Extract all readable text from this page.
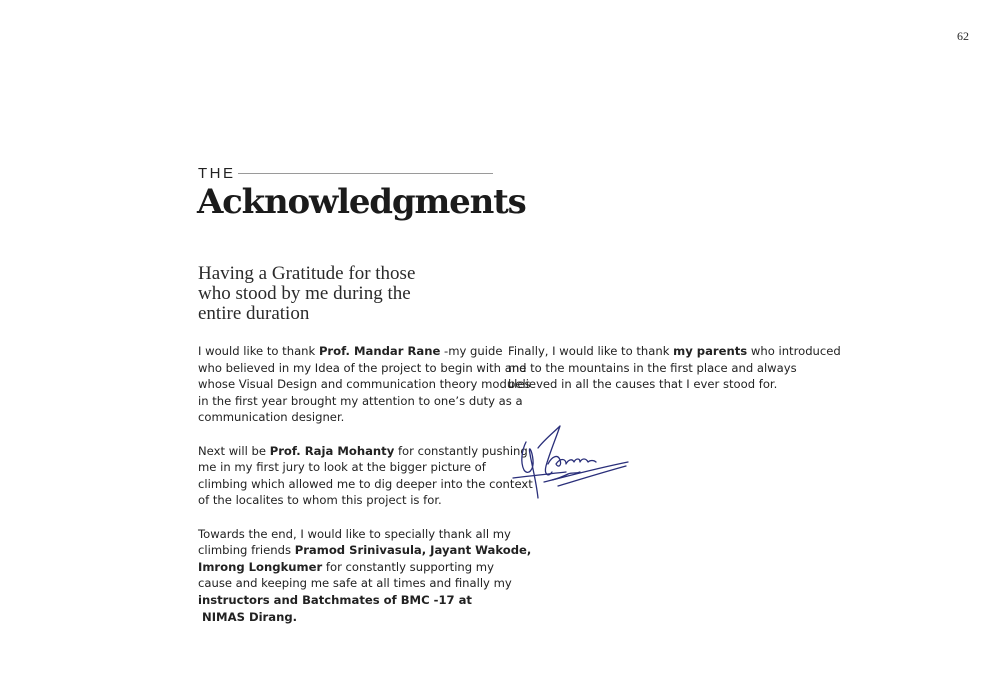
62
THE
Acknowledgments
Having a Gratitude for those
who stood by me during the
entire duration

I would like to thank Prof. Mandar Rane -my guide
who believed in my Idea of the project to begin with and
whose Visual Design and communication theory modules
in the first year brought my attention to one’s duty as a
communication designer.

Next will be Prof. Raja Mohanty for constantly pushing
me in my first jury to look at the bigger picture of
climbing which allowed me to dig deeper into the context
of the localites to whom this project is for.

Towards the end, I would like to specially thank all my
climbing friends Pramod Srinivasula, Jayant Wakode,
Imrong Longkumer for constantly supporting my
cause and keeping me safe at all times and finally my
instructors and Batchmates of BMC -17 at
NIMAS Dirang.

Finally, I would like to thank my parents who introduced
me to the mountains in the first place and always
believed in all the causes that I ever stood for.
